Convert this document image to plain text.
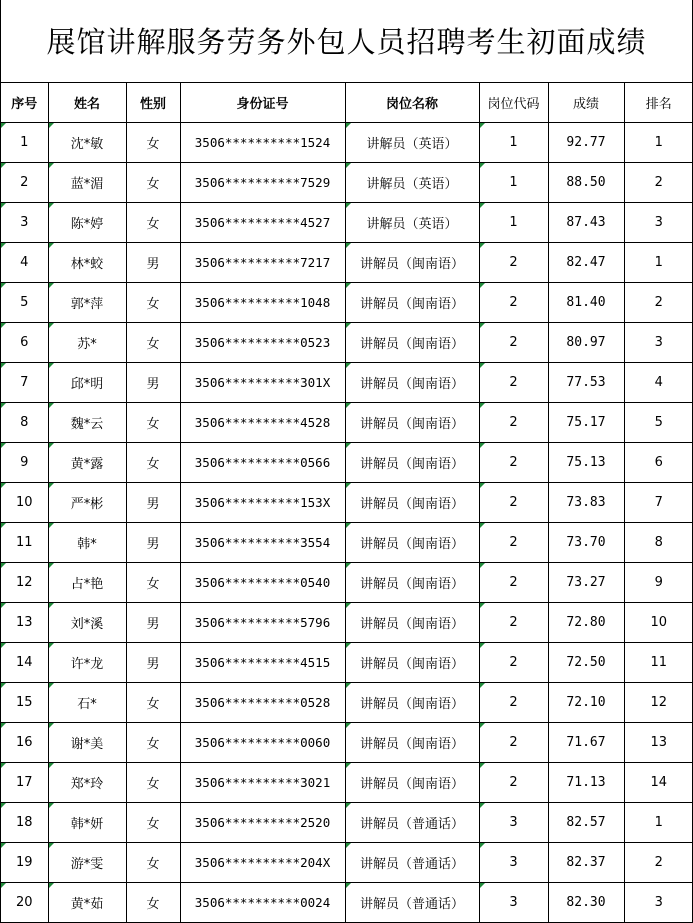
展馆讲解服务劳务外包人员招聘考生初面成绩
序号	姓名	性别	身份证号	岗位名称	岗位代码	成绩	排名
1	沈*敏	女	3506**********1524	讲解员（英语）	1	92.77	1
2	蓝*湄	女	3506**********7529	讲解员（英语）	1	88.50	2
3	陈*婷	女	3506**********4527	讲解员（英语）	1	87.43	3
4	林*蛟	男	3506**********7217	讲解员（闽南语）	2	82.47	1
5	郭*萍	女	3506**********1048	讲解员（闽南语）	2	81.40	2
6	苏*	女	3506**********0523	讲解员（闽南语）	2	80.97	3
7	邱*明	男	3506**********301X	讲解员（闽南语）	2	77.53	4
8	魏*云	女	3506**********4528	讲解员（闽南语）	2	75.17	5
9	黄*露	女	3506**********0566	讲解员（闽南语）	2	75.13	6
10	严*彬	男	3506**********153X	讲解员（闽南语）	2	73.83	7
11	韩*	男	3506**********3554	讲解员（闽南语）	2	73.70	8
12	占*艳	女	3506**********0540	讲解员（闽南语）	2	73.27	9
13	刘*溪	男	3506**********5796	讲解员（闽南语）	2	72.80	10
14	许*龙	男	3506**********4515	讲解员（闽南语）	2	72.50	11
15	石*	女	3506**********0528	讲解员（闽南语）	2	72.10	12
16	谢*美	女	3506**********0060	讲解员（闽南语）	2	71.67	13
17	郑*玲	女	3506**********3021	讲解员（闽南语）	2	71.13	14
18	韩*妍	女	3506**********2520	讲解员（普通话）	3	82.57	1
19	游*雯	女	3506**********204X	讲解员（普通话）	3	82.37	2
20	黄*茹	女	3506**********0024	讲解员（普通话）	3	82.30	3
